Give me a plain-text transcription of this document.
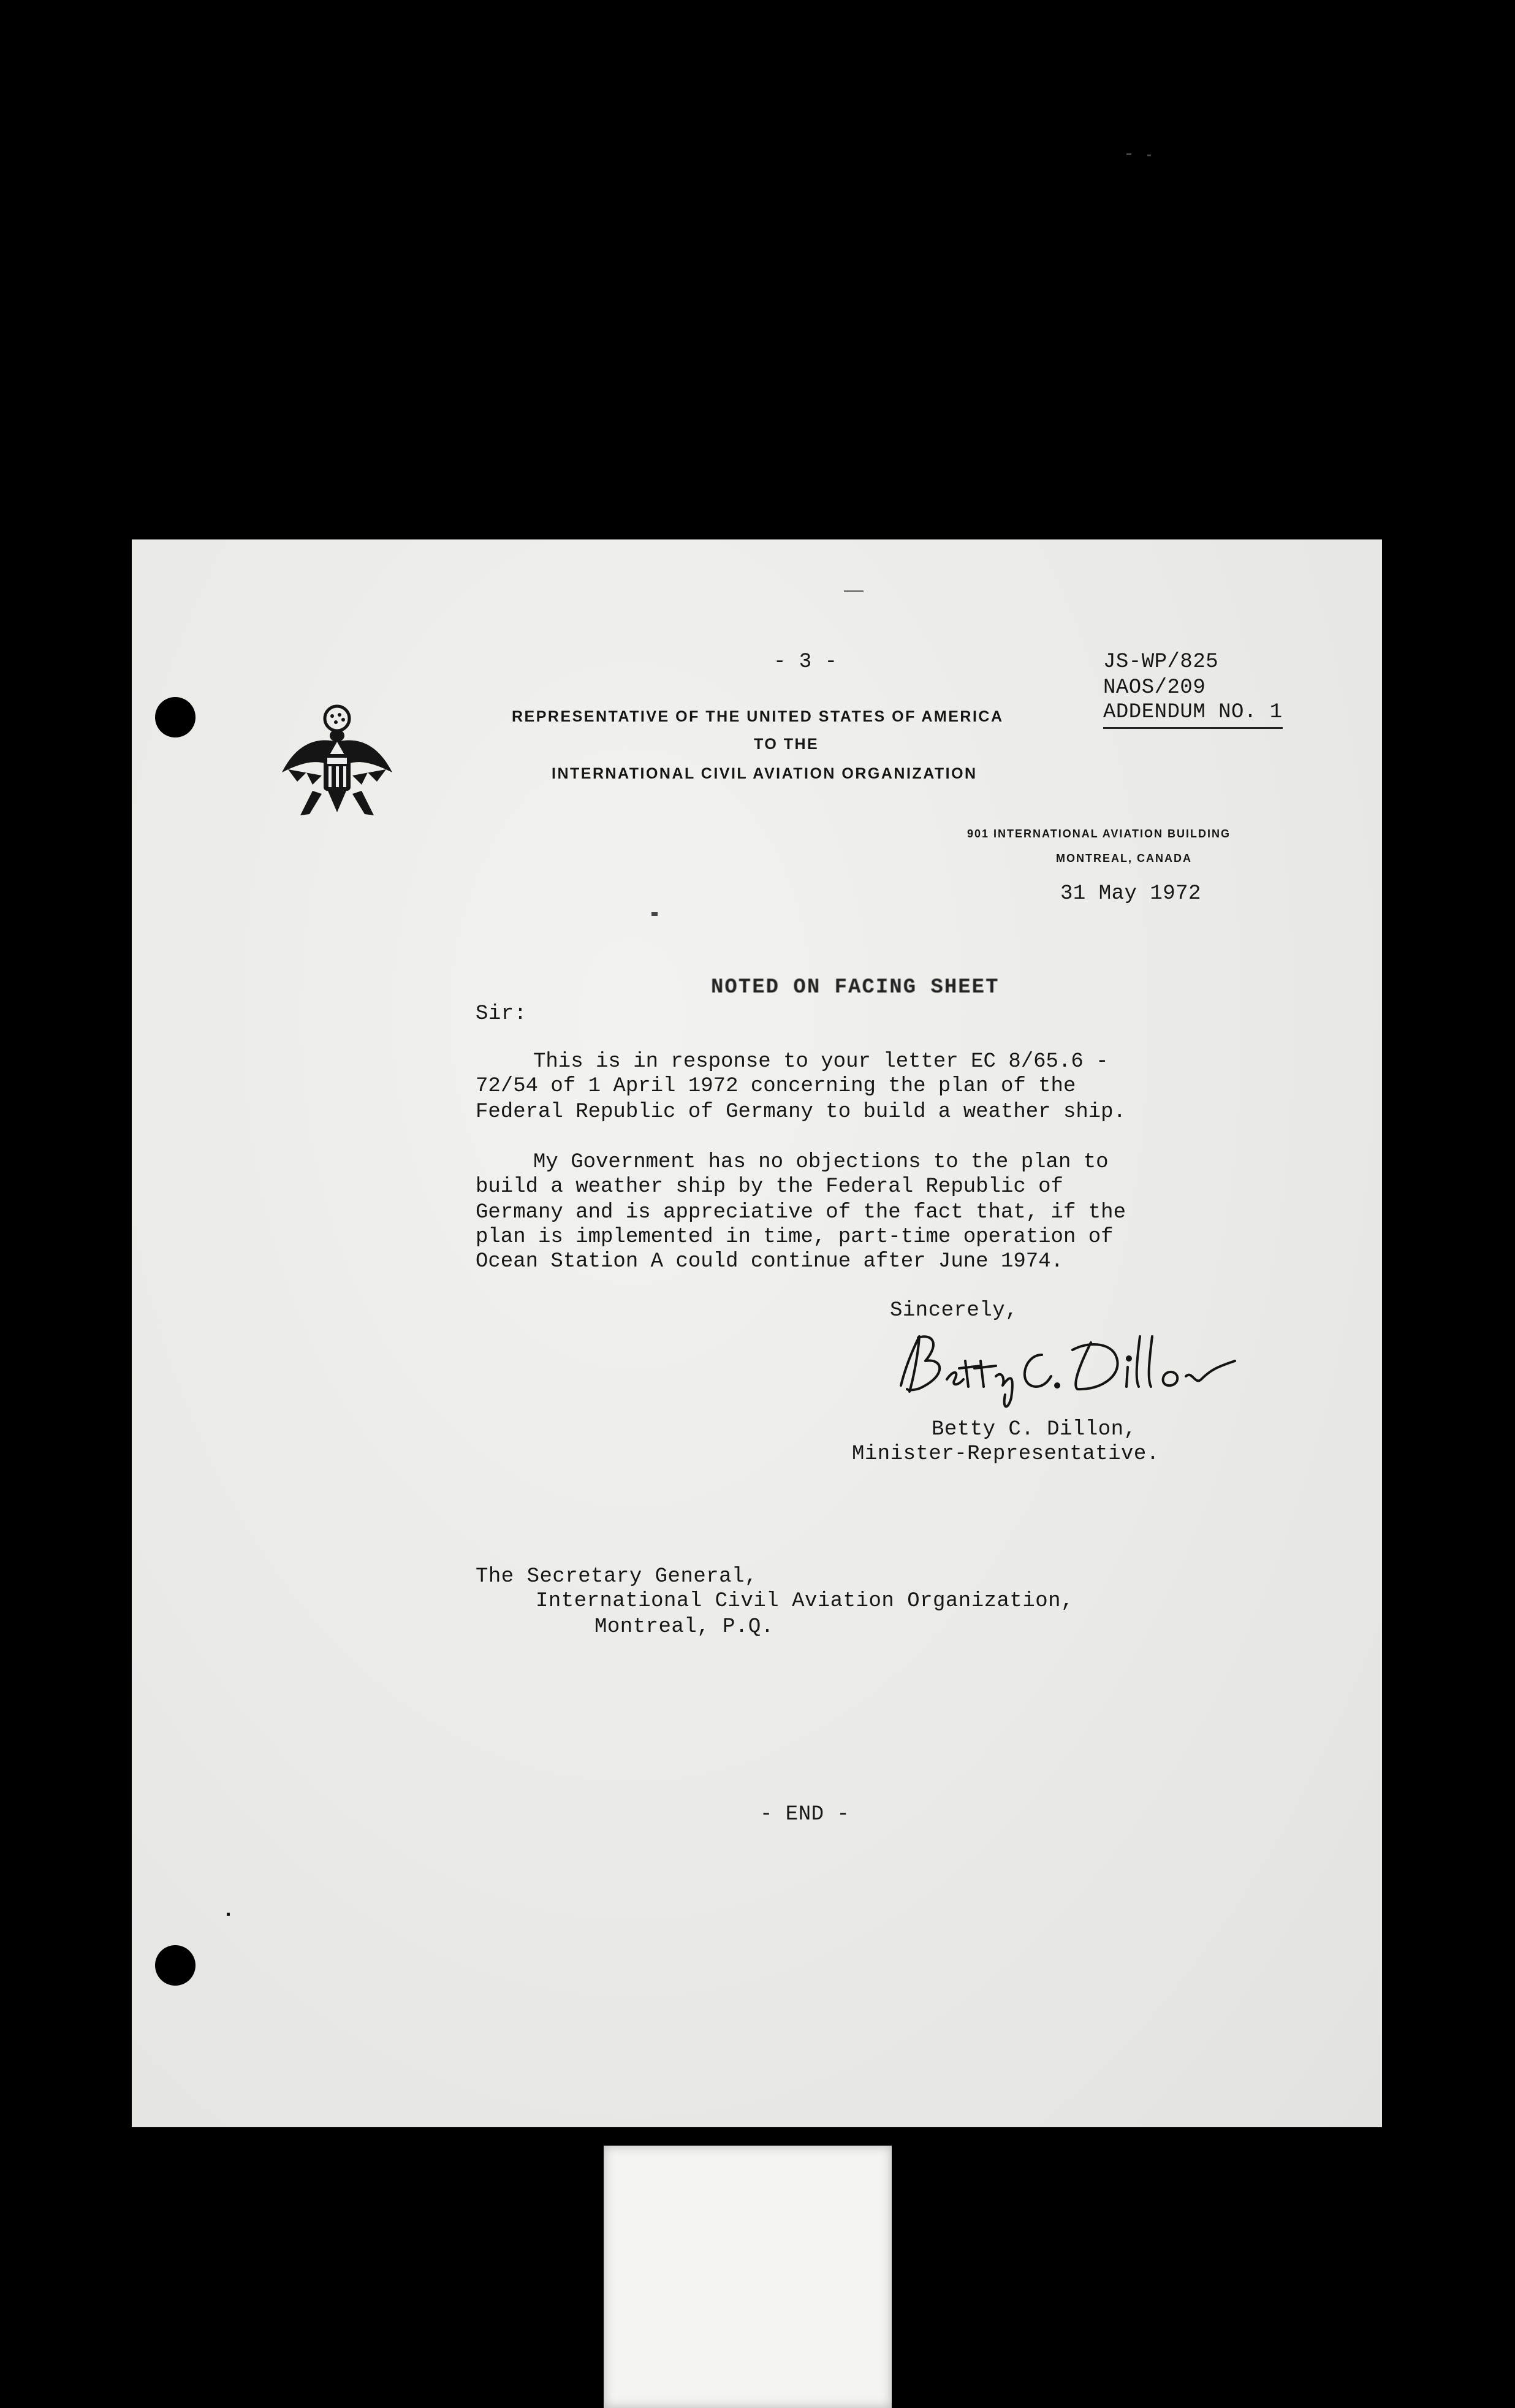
- 3 -	JS-WP/825
NAOS/209
ADDENDUM NO. 1
REPRESENTATIVE OF THE UNITED STATES OF AMERICA
TO THE
INTERNATIONAL CIVIL AVIATION ORGANIZATION
901 INTERNATIONAL AVIATION BUILDING
MONTREAL, CANADA
31 May 1972
NOTED ON FACING SHEET
Sir:
This is in response to your letter EC 8/65.6 -
72/54 of 1 April 1972 concerning the plan of the
Federal Republic of Germany to build a weather ship.
My Government has no objections to the plan to
build a weather ship by the Federal Republic of
Germany and is appreciative of the fact that, if the
plan is implemented in time, part-time operation of
Ocean Station A could continue after June 1974.
Sincerely,
Betty C. Dillon,
Minister-Representative.
The Secretary General,
International Civil Aviation Organization,
Montreal, P.Q.
- END -
